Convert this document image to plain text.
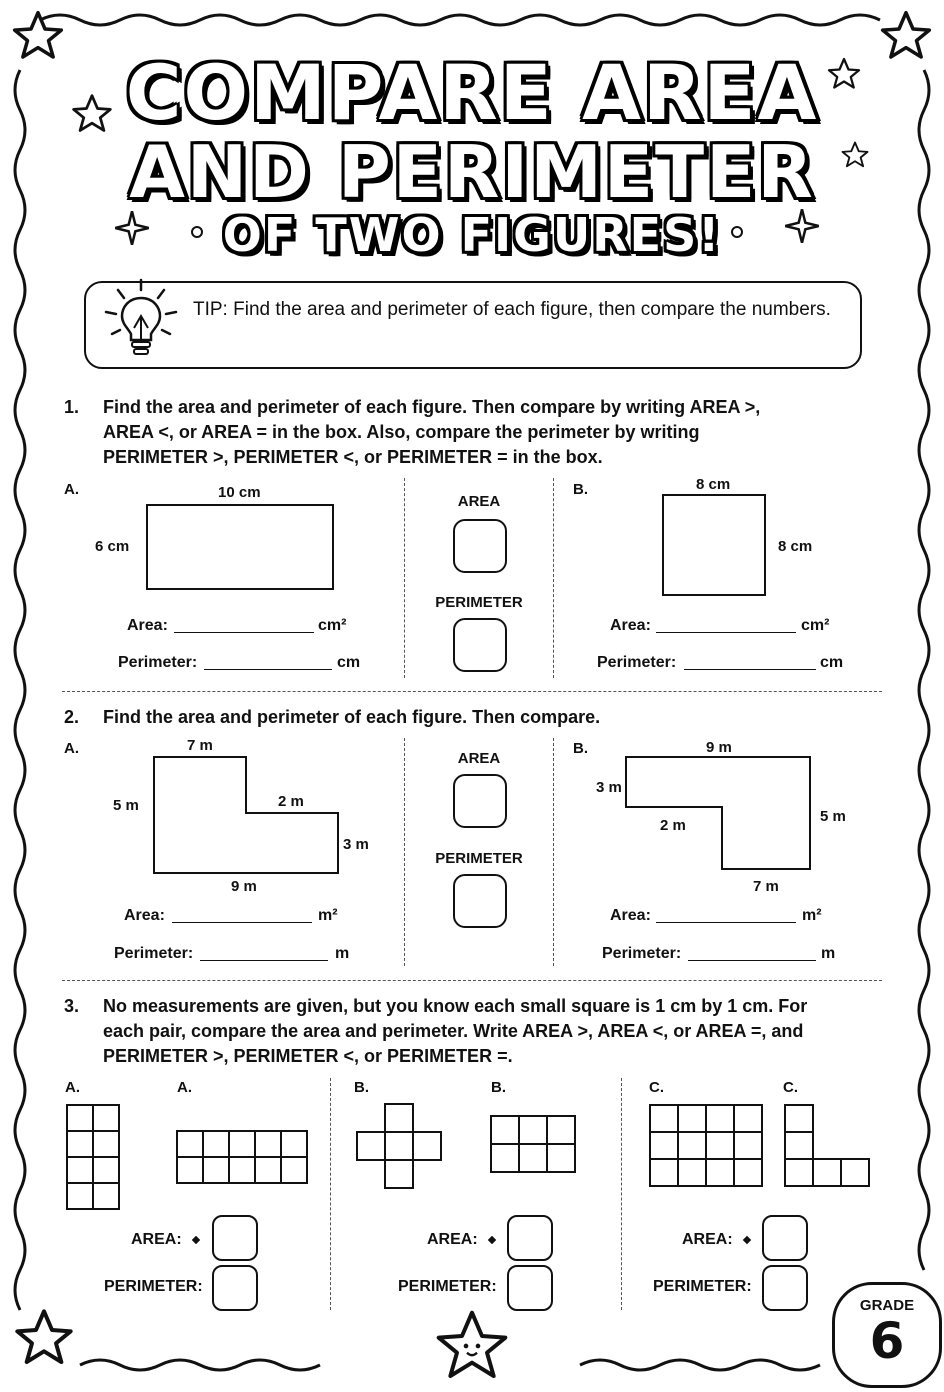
COMPARE AREA
AND PERIMETER
OF TWO FIGURES!
TIP: Find the area and perimeter of each figure, then compare the numbers.
1. Find the area and perimeter of each figure. Then compare by writing AREA >, AREA <, or AREA = in the box. Also, compare the perimeter by writing PERIMETER >, PERIMETER <, or PERIMETER = in the box.
A.	10 cm
6 cm
Area:	cm²
Perimeter:	cm
AREA
PERIMETER
B.	8 cm
8 cm
Area:	cm²
Perimeter:	cm
2. Find the area and perimeter of each figure. Then compare.
A.	7 m
5 m	2 m
3 m
9 m
Area:	m²
Perimeter:	m
AREA
PERIMETER
B.	9 m
3 m
2 m
5 m
7 m
Area:	m²
Perimeter:	m
3. No measurements are given, but you know each small square is 1 cm by 1 cm. For each pair, compare the area and perimeter. Write AREA >, AREA <, or AREA =, and PERIMETER >, PERIMETER <, or PERIMETER =.
A.	A.	B.	B.	C.	C.
AREA:
PERIMETER:
AREA:
PERIMETER:
AREA:
PERIMETER:
GRADE
6
